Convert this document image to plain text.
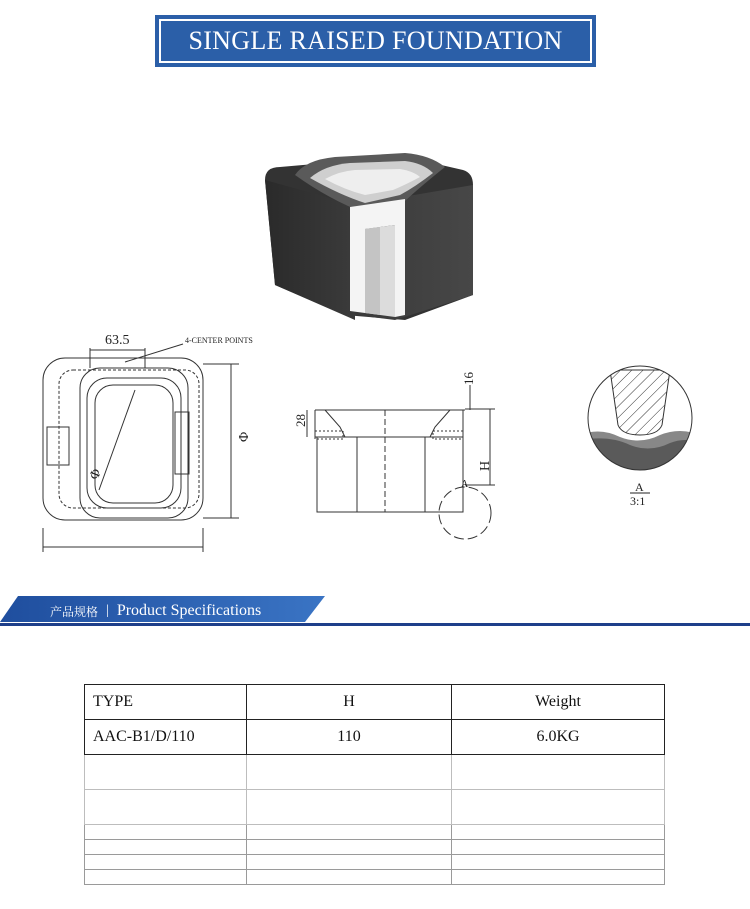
SINGLE RAISED FOUNDATION
63.5	4-CENTER POINTS
Φ
Φ
16
28
H
A	A
3:1
产品规格 | Product Specifications
TYPE	H	Weight
AAC-B1/D/110	110	6.0KG
